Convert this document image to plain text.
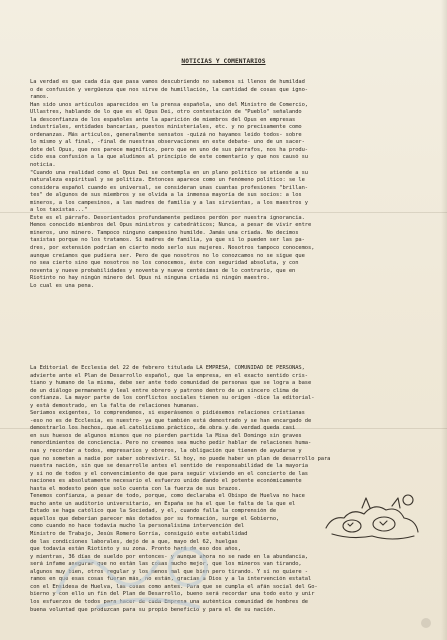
NOTICIAS Y COMENTARIOS

La verdad es que cada día que pasa vamos descubriendo no sabemos si llenos de humildad

o de confusión y vergüenza que nos sirve de humillación, la cantidad de cosas que igno-

ramos.

Han sido unos artículos aparecidos en la prensa española, uno del Ministro de Comercio,

Ullastres, hablando de lo que es el Opus Dei, otro contestación de "Pueblo" señalando

la desconfianza de los españoles ante la aparición de miembros del Opus en empresas

industriales, entidades bancarias, puestos ministeriales, etc. y no precisamente como

ordenanzas. Más artículos, generalmente sensatos -quizá no hayamos leído todos- sobre

lo mismo y al final, -final de nuestras observaciones en este debate- uno de un sacer-

dote del Opus, que nos parece magnífico, pero que en uno de sus párrafos, nos ha produ-

cido esa confusión a la que aludimos al principio de este comentario y que nos causó su

noticia.

"Cuando una realidad como el Opus Dei se contempla en un plano político se atiende a su

naturaleza espiritual y se politiza. Entonces aparece como un fenómeno político: se le

considera español cuando es universal, se consideran unas cuantas profesiones "brillan-

tes" de algunos de sus miembros y se olvida a la inmensa mayoría de sus socios: a los

mineros, a los campesinos, a las madres de familia y a las sirvientas, a los maestros y

a los taxistas..."

Este es el párrafo. Desorientados profundamente pedimos perdón por nuestra ignorancia.

Hemos conocido miembros del Opus ministros y catedráticos; Nunca, a pesar de vivir entre

mineros, uno minero. Tampoco ninguno campesino humilde. Jamás una criada. No decimos

taxistas porque no los tratamos. Si madres de familia, ya que si lo pueden ser las pa-

dres, por extensión podrían en cierto modo serlo sus mujeres. Nosotros tampoco conocemos,

aunque creíamos que pudiera ser. Pero de que nosotros no lo conozcamos no se sigue que

no sea cierto sino que nosotros no los conocemos, éste con seguridad absoluta, y con

noventa y nueve probabilidades y noventa y nueve centésimas de lo contrario, que en

Riotinto no hay ningún minero del Opus ni ninguna criada ni ningún maestro.

Lo cual es una pena.

La Editorial de Ecclesia del 22 de febrero titulada LA EMPRESA, COMUNIDAD DE PERSONAS,

advierte ante el Plan de Desarrollo español, que la empresa, en el exacto sentido cris-

tiano y humano de la misma, debe ser ante todo comunidad de personas que se logra a base

de un diálogo permanente y leal entre obrero y patrono dentro de un sincero clima de

confianza. La mayor parte de los conflictos sociales tienen su origen -dice la editorial-

y está demostrado, en la falta de relaciones humanas.

Seríamos exigentes, lo comprendemos, si esperásemos o pidiésemos relaciones cristianas

-eso no es de Ecclesia, es nuestro- ya que también está demostrado y se han encargado de

demostrarlo los hechos, que el catolicismo práctico, de obra y de verdad queda casi

en sus huesos de algunos mismos que no pierden partida la Misa del Domingo sin graves

remordimientos de conciencia. Pero no creemos sea mucho pedir hablar de relaciones huma-

nas y recordar a todos, empresarios y obreros, la obligación que tienen de ayudarse y

que no someten a nadie por saber sobrevivir. Si hoy, no puede haber un plan de desarrollo para

nuestra nación, sin que se desarrolle antes el sentido de responsabilidad de la mayoría

y si no de todos y el convencimiento de que para seguir viviendo en el concierto de las

naciones es absolutamente necesario el esfuerzo unido dando el potente económicamente

hasta el modesto peón que solo cuenta con la fuerza de sus brazos.

Tenemos confianza, a pesar de todo, porque, como declaraba el Obispo de Huelva no hace

mucho ante un auditorio universitario, en España se ha el que le falta de la que el

Estado se haga católico que la Sociedad, y el, cuando falla la comprensión de

aquellos que deberían parecer más dotados por su formación, surge el Gobierno,

como cuando no hace todavía mucho la personalísima intervención del

Ministro de Trabajo, Jesús Romero Gorría, consiguió este estabilidad

de las condiciones laborales, dejó de a que, mayo del 62, huelgas

que todavía están Riotinto y su zona. Pronto hará de eso dos años,

y mientras, 36 días de sueldo por entonces- y aunque ahora no se nade en la abundancia,

será infame asegurar que no están las cosas mucho mejor, que los mineros van tirando,

algunos muy bien, otros regular y los menos mal que bien pero tirando. Y si no quiere -

ramos en que esas cosas fueran más, no están, gracias a Dios y a la intervención estatal

con el Ensidesa de Huelva, las cosas como antes. Para que se cumpla el afán social del Go-

bierno y con ello un fin del Plan de Desarrollo, bueno será recordar una todo esto y unir

los esfuerzos de todos para hacer de cada Empresa una auténtica comunidad de hombres de

buena voluntad que produzcan para su propio beneficio y para el de su nación.
